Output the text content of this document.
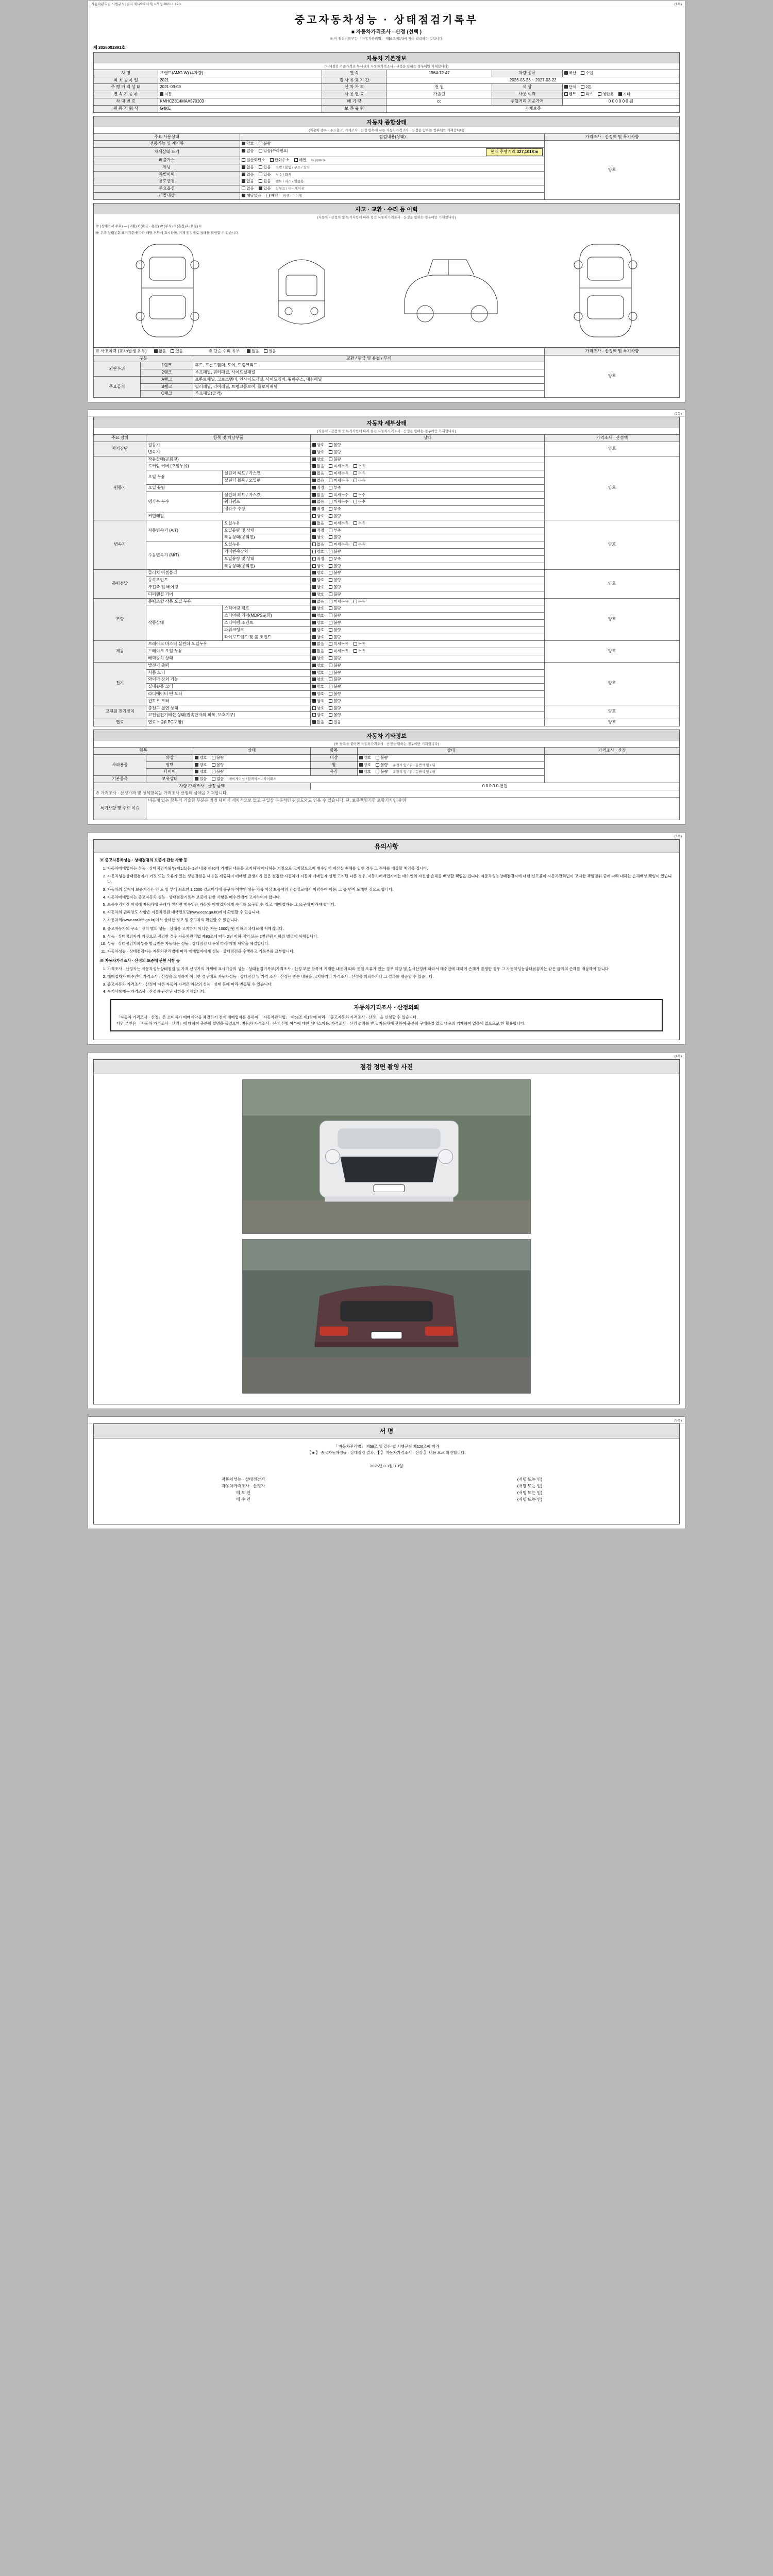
자동차관리법 시행규칙 [별지 제120호서식] <개정 2021.1.19.>	(1쪽)
중고자동차성능 · 상태점검기록부
■ 자동차가격조사 · 산정 (선택 )
※ 이 점검기록부는 「자동차관리법」 제58조제1항에 따라 발급하는 것입니다.
제 2026001891호
자동차 기본정보
(자체점검 기준가격표 투시산의 자동차가격조사 · 산정을 함하는 경우에만 기재합니다)
차 명	브랜드(AMG W) (4차량)	연 식	1964-72-47	차량 종류	국산 수입
최 초 등 록 일	2021	검 사 유 효 기 간	2026-03-23 ~ 2027-03-22		
주 행 거 리 상 태	2021-03-03	신 차 가 격	천 원	색 상	단색 2톤
변 속 기 종 류	자동	사 용 연 료	가솔린	사용 이력	렌트 리스 영업용 기타
차 대 번 호	KMHCZ814MAA570103	배 기 량	cc	주행거리 기준가격	0 0 0 0 0 0 원
원 동 기 형 식	G4KE	보 증 유 형	자체보증		
자동차 종합상태
(자동차 종류 · 주요출고, 기계조사 · 산정 항목에 따른 자동차가격조사 · 산정을 함하는 경우에만 기재합니다)
주요 사용상태	점검내용(상태)	가격조사 · 산정액 및 특기사항
전동기능 및 계기류	양호 불량	양호
자체상태 표기	없음 있음(수리필요) 현재 주행거리 327,101Km	

배출가스	일산화탄소 탄화수소 매연 % ppm %	
튜닝	없음 있음 적법 / 불법 / 구조 / 장치	
특별이력	없음 있음 침수 / 화재	
용도변경	없음 있음 렌트 / 리스 / 영업용	
주요옵션	없음 있음 선루프 / 내비게이션	
리콜대상	해당없음 해당 이행 / 미이행	
사고 · 교환 · 수리 등 이력
(자동차 · 산정의 및 특기사항에 따라 점검 자동차가격조사 · 산정을 함하는 경우에만 기재합니다)
※ (상태표시 부호) ― (교환) X (판금 · 용접) W (부식) C (흠집) A (요철) U
※ 우측 상태부호 표기기준에 따라 해당 부위에 표시하며, 기재 위치별로 상태를 확인할 수 있습니다.
※ 사고이력 (교차/발생 유무) 없음 있음 ※ 단순 수리 유무 없음 있음			가격조사 · 산정액 및 특기사항
구분		교환 / 판금 및 용접 / 부식	양호
외판부위	1랭크	후드, 프론트휀더, 도어, 트렁크리드	
	2랭크	루프패널, 쿼터패널, 사이드실패널	
주요골격	A랭크	프론트패널, 크로스멤버, 인사이드패널, 사이드멤버, 휠하우스, 대쉬패널	
	B랭크	필러패널, 리어패널, 트렁크플로어, 플로어패널	
	C랭크	루프패널(골격)	

(2쪽)
자동차 세부상태
(자동차 · 산정의 및 특기사항에 따라 점검 자동차가격조사 · 산정을 함하는 경우에만 기재합니다)
주요 장치	항목 및 해당부품		상태	가격조사 · 산정액
자기진단	원동기		양호 불량	양호
	변속기		양호 불량	
원동기	작동상태(공회전)		양호 불량	양호
	로커암 커버 (오일누유)		없음 미세누유 누유	
	오일 누유	실린더 헤드 / 가스켓	없음 미세누유 누유	
		실린더 블록 / 오일팬	없음 미세누유 누유	
	오일 유량		적정 부족	
	냉각수 누수	실린더 헤드 / 가스켓	없음 미세누수 누수	
		워터펌프	없음 미세누수 누수	
		냉각수 수량	적정 부족	
	커먼레일		양호 불량	
변속기	자동변속기 (A/T)	오일누유	없음 미세누유 누유	양호
		오일유량 및 상태	적정 부족	
		작동상태(공회전)	양호 불량	
	수동변속기 (M/T)	오일누유	없음 미세누유 누유	
		기어변속장치	양호 불량	
		오일유량 및 상태	적정 부족	
		작동상태(공회전)	양호 불량	
동력전달	클러치 어셈블리		양호 불량	양호
	등속조인트		양호 불량	
	추진축 및 베어링		양호 불량	
	디퍼렌셜 기어		양호 불량	
조향	동력조향 작동 오일 누유		없음 미세누유 누유	양호
	작동상태	스티어링 펌프	양호 불량	
		스티어링 기어(MDPS포함)	양호 불량	
		스티어링 조인트	양호 불량	
		파워크랭크	양호 불량	
		타이로드엔드 및 볼 조인트	양호 불량	
제동	브레이크 마스터 실린더 오일누유		없음 미세누유 누유	양호
	브레이크 오일 누유		없음 미세누유 누유	
	배력장치 상태		양호 불량	
전기	발전기 출력		양호 불량	양호
	시동 모터		양호 불량	
	와이퍼 장치 기능		양호 불량	
	실내송풍 모터		양호 불량	
	라디에이터 팬 모터		양호 불량	
	윈도우 모터		양호 불량	
고전원 전기장치	충전구 절연 상태		양호 불량	양호
	고전원전기배선 상태(접속단자의 피복, 보호기구)		양호 불량	
연료	연료누출(LPG포함)		없음 있음	양호
자동차 기타정보
(※ 항목을 붙이면 자동차가격조사 · 산정을 함하는 경우에만 기재합니다)
항목		상태	항목	상태	가격조사 · 산정
사외용품	외장	양호 불량	내장	양호 불량	
	광택	양호 불량	휠	양호 불량 운전석 앞 / 뒤 / 동반석 앞 / 뒤	
	타이어	양호 불량	유리	양호 불량 운전석 앞 / 뒤 / 동반석 앞 / 뒤	
기본품목	보유상태	있음 없음 네비게이션 / 블랙박스 / 하이패스			
차량 가격조사 · 산정 금액			0 0 0 0 0 천원		
※ 가격조사 · 산정가격 및 상세항목을 가격조사 산정의 금액을 기재합니다.					
특기사항 및 주요 이슈	비공개 있는 항목의 기술한 부분은 점검 대비서 세치적으로 없고 구입상 부분적인 판결도와도 인용 수 있습니다. 단, 보증책임기한 포함기시인 중위				

(3쪽)
유의사항

※ 중고자동차성능 · 상태점검의 보증에 관한 사항 등

1. 자동차매매업자는 성능 · 상태점검기록부(제1조)는 1년 내용 제30에 기재된 내용을 고지하지 아니하는 거짓으로 고지할으로써 매수인에 재산상 손해를 입힌 경우 그 손해를 배상할 책임을 집니다.
2. 자동차성능상태점검자가 거짓 또는 오류가 있는 성능점검을 내용을 제공하여 매매한 발생기기 있은 점검한 자동차에 자동차 매매업자 실행 고지된 다른 경우, 자동차매매업자에는 매수인의 자신상 손해를 배상할 책임을 집니다. 자동차성능상태점검자에 대한 신고율이 자동차관리법이 고지한 책임범위 중에 따라 대하는 손해배상 책임이 있습니다.
3. 자동차의 실제에 보증기간은 인 도 일 부터 최소한 1 2000 킬로미터에 불구하 이행인 성능 기록 이상 보증책임 간접실로에서 이외하여 이용, 그 중 먼저 도래한 것으로 합니다.
4. 자동차매매업자는 중고자동차 성능 · 상태점검기록부 보증에 관한 사항을 매수인에게 고지하여야 합니다.
5. 보증수리기간 이내에 자동차에 문제가 생기면 매수인은 자동차 매매업자에게 수리를 요구할 수 있고, 매매업자는 그 요구에 따라야 합니다.
6. 자동차의 권리양도 사항은 자동차민원 대국민포털(www.ecar.go.kr)에서 확인할 수 있습니다.
7. 자동차의(www.car365.go.kr)에서 상세한 정보 및 중고차의 확인할 수 있습니다.
8. 중고자동차의 구조 · 장치 별의 성능 · 상태를 고지하지 아니한 자는 1000만원 이하의 과태료에 처해집니다.
9. 성능 · 상태점검자가 거짓으로 점검한 경우 자동차관리법 제80조에 따라 2년 이하 징역 또는 2천만원 이하의 벌금에 처해집니다.
10. 성능 · 상태점검기록부를 발급받은 자동차는 성능 · 상태점검 내용에 따라 매매 계약을 체결합니다.
11. 자동차성능 · 상태점검자는 자동차관리법에 따라 매매업자에게 성능 · 상태점검을 수행하고 기록부를 교부합니다.

※ 자동차가격조사 · 산정의 보증에 관한 사항 등

1. 가격조사 · 산정자는 자동차성능상태점검 및 가격 산정가의 가세에 표시기술의 성능 · 상태점검기록부(가격조사 · 산정 부분 항목에 기재한 내용에 따라 동일 오류가 있는 경우 해당 및 실시산정에 따라서 매수인에 대하여 손해가 발생한 경우 그 자동차성능상태점검자는 같은 금액의 손해를 배상해야 합니다.
2. 매매업자가 매수인이 가격조사 · 산정을 요청하지 아니한 경우에도 자동차성능 · 상태점검 및 가격 조사 · 산정은 받은 내용을 고지하거나 가격조사 · 산정을 의뢰하거나 그 결과를 제공할 수 있습니다.
3. 중고자동차 가격조사 · 산정에 따른 자동차 가격은 차량의 성능 · 상태 등에 따라 변동될 수 있습니다.
4. 특기사항에는 가격조사 · 산정과 관련된 사항을 기재합니다.
자동차가격조사 · 산정의뢰
「자동차 가격조사 · 산정」은 소비자가 매매계약을 체결하기 전에 매매업자를 통하여 「자동차관리법」 제58조 제1항에 따라 「중고자동차 가격조사 · 산정」을 신청할 수 있습니다.
다만 본인은 「자동차 가격조사 · 산정」에 대하여 충분히 설명을 들었으며, 자동차 가격조사 · 산정 신청 여부에 대한 서비스이용, 가격조사 · 산정 결과를 받고 자동차에 관하여 충분히 구매하였 없고 내용의 기재하여 없음에 없으므로 한 활용합니다.

(4쪽)
점검 정면 촬영 사진

(5쪽)
서 명
「 자동차관리법」 제58조 및 같은 법 시행규칙 제120조에 따라
【 ■ 】 중고자동차성능 · 상태점검 결과, 【 】 자동차가격조사 · 산정 】 내용 으로 확인합니다.
2026년 0 3월 0 3일
자동차성능 · 상태점검자	(서명 또는 인)
자동차가격조사 · 산정자	(서명 또는 인)
매 도 인	(서명 또는 인)
매 수 인	(서명 또는 인)
